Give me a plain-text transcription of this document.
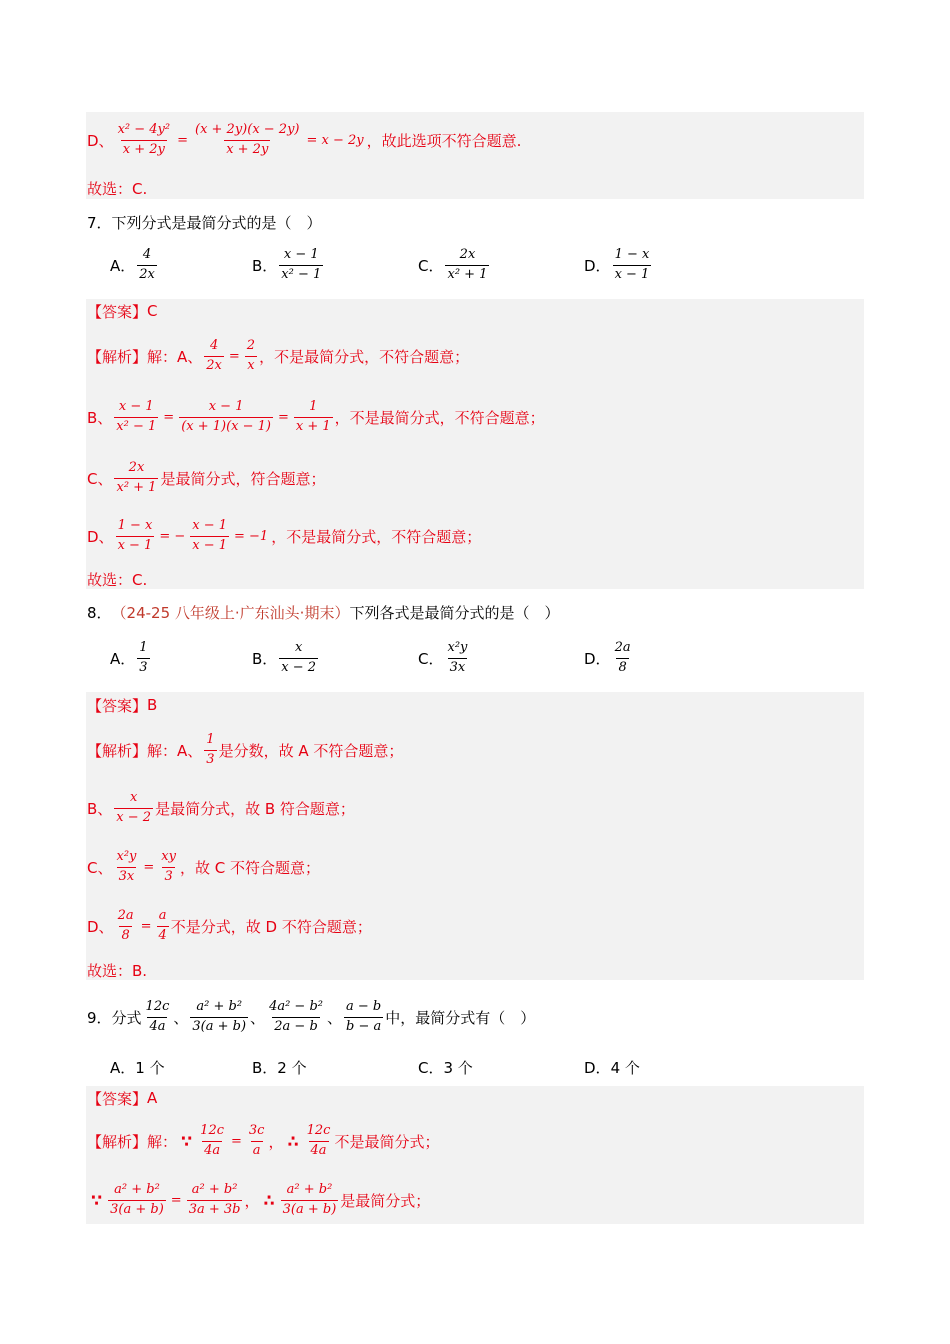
D、 $\frac{\text{x² − 4y²}}{x + 2y} = \frac{(x + 2y)(x - 2y)}{x + 2y} = x - 2y$ ，故此选项不符合题意.
故选：C.
7．下列分式是最简分式的是（　）
A． $\frac{4}{2x}$	B． $\frac{x - 1}{\text{x² − 1}}$	C． $\frac{2x}{\text{x² + 1}}$	D． $\frac{1 - x}{x - 1}$
【答案】 C
【解析】 解：A、 $\frac{4}{2x} = \frac{2}{x}$ ，不是最简分式，不符合题意；
B、 $\frac{x - 1}{\text{x² − 1}} = \frac{x - 1}{(x + 1)(x - 1)} = \frac{1}{x + 1}$ ，不是最简分式，不符合题意；
C、 $\frac{2x}{\text{x² + 1}}$ 是最简分式，符合题意；
D、 $\frac{1 - x}{x - 1}$ = − $\frac{x - 1}{x - 1} = -1$ ，不是最简分式，不符合题意；
故选：C.
8． （24-25 八年级上·广东汕头·期末） 下列各式是最简分式的是（　）
A． $\frac{1}{3}$	B． $\frac{x}{x - 2}$	C． $\frac{\text{x²y}}{3x}$	D． $\frac{2a}{8}$
【答案】 B
【解析】 解：A、 $\frac{1}{3}$ 是分数，故 A 不符合题意；
B、 $\frac{x}{x - 2}$ 是最简分式，故 B 符合题意；
C、 $\frac{\text{x²y}}{3x} = \frac{xy}{3}$ ，故 C 不符合题意；
D、 $\frac{2a}{8} = \frac{a}{4}$ 不是分式，故 D 不符合题意；
故选：B.
9．分式 $\frac{12c}{4a}$ 、 $\frac{\text{a² + b²}}{3(a + b)}$ 、 $\frac{\text{4a² − b²}}{2a - b}$ 、 $\frac{a - b}{b - a}$ 中，最简分式有（　）
A． 1 个	B． 2 个	C． 3 个	D． 4 个
【答案】 A
【解析】 解： ∵ $\frac{12c}{4a} = \frac{3c}{a}$ ， ∴ $\frac{12c}{4a}$ 不是最简分式；
∵ $\frac{\text{a² + b²}}{3(a + b)} = \frac{\text{a² + b²}}{3a + 3b}$ ， ∴ $\frac{\text{a² + b²}}{3(a + b)}$ 是最简分式；
